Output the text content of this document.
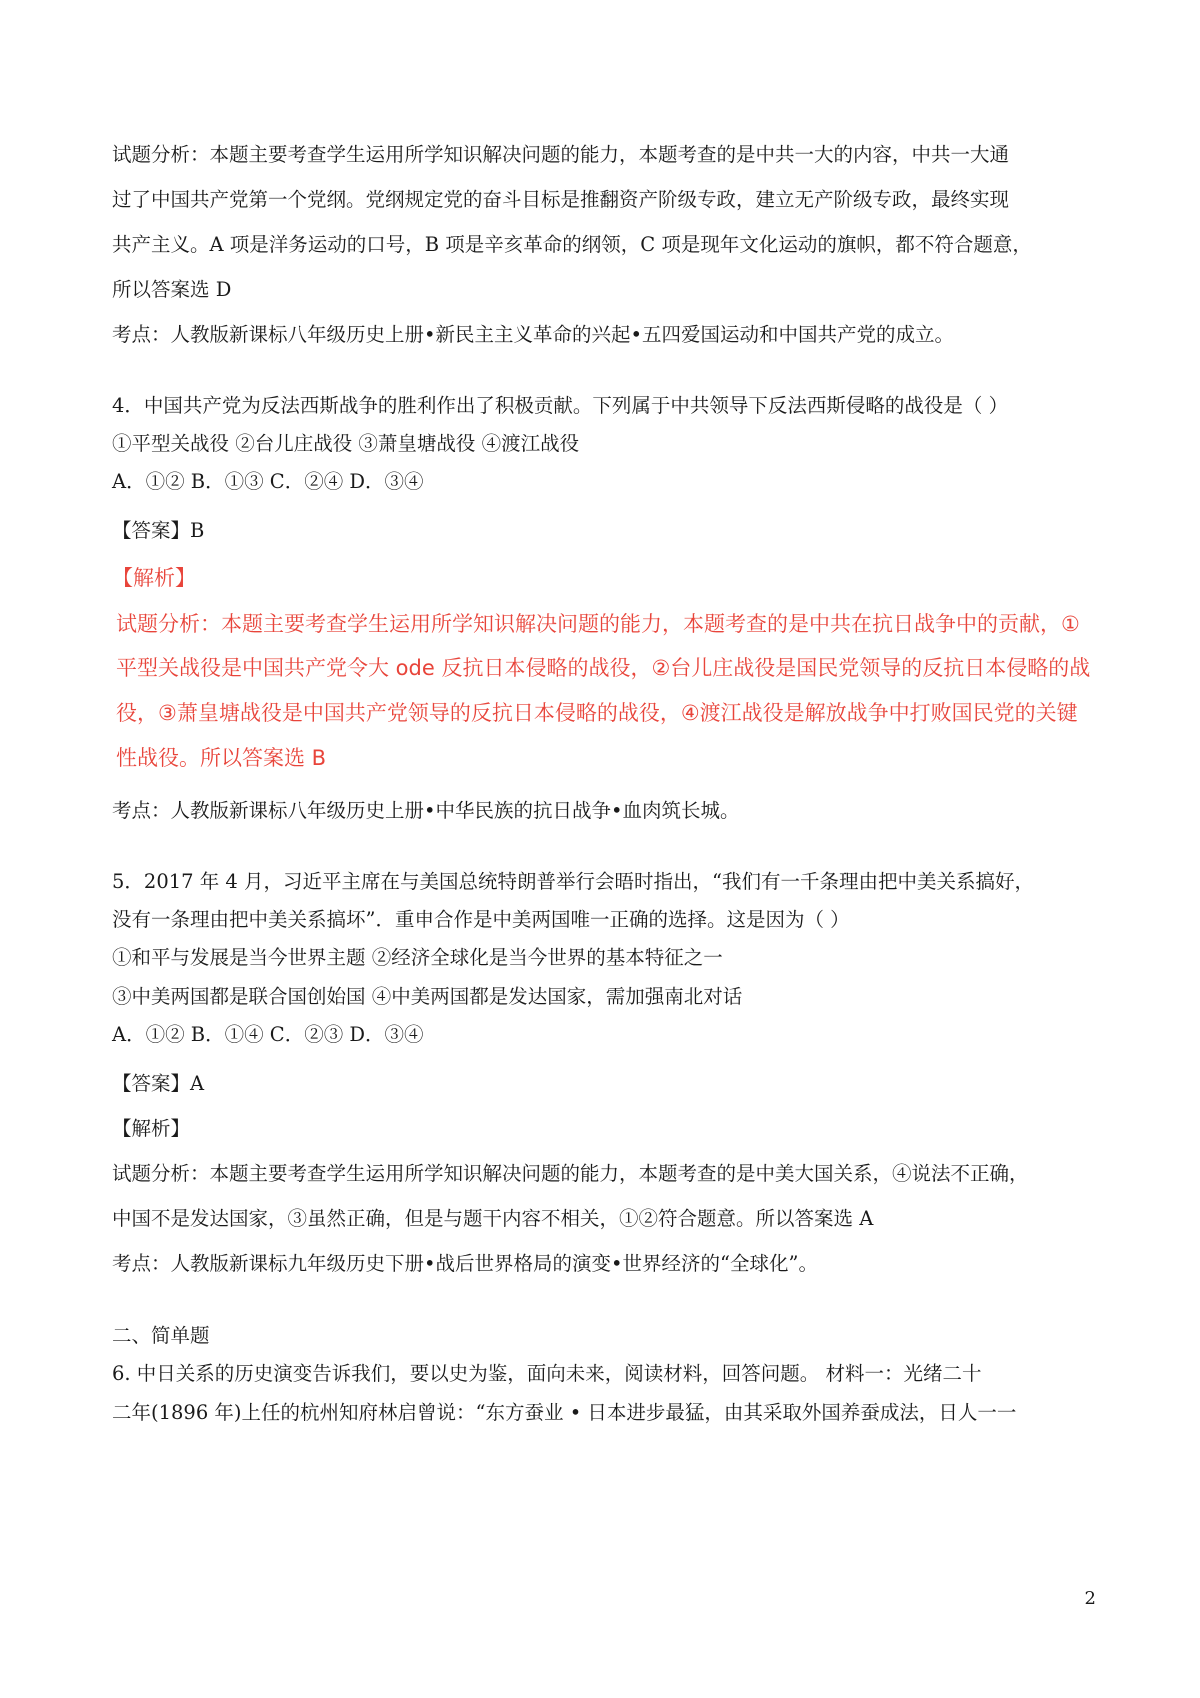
试题分析：本题主要考查学生运用所学知识解决问题的能力，本题考查的是中共一大的内容，中共一大通
过了中国共产党第一个党纲。党纲规定党的奋斗目标是推翻资产阶级专政，建立无产阶级专政，最终实现
共产主义。A 项是洋务运动的口号，B 项是辛亥革命的纲领，C 项是现年文化运动的旗帜，都不符合题意，
所以答案选 D
考点：人教版新课标八年级历史上册•新民主主义革命的兴起•五四爱国运动和中国共产党的成立。
4．中国共产党为反法西斯战争的胜利作出了积极贡献。下列属于中共领导下反法西斯侵略的战役是（ ）
①平型关战役 ②台儿庄战役 ③萧皇塘战役 ④渡江战役
A．①② B．①③ C．②④ D．③④
【答案】B
【解析】
试题分析：本题主要考查学生运用所学知识解决问题的能力，本题考查的是中共在抗日战争中的贡献，①
平型关战役是中国共产党令大 ode 反抗日本侵略的战役，②台儿庄战役是国民党领导的反抗日本侵略的战
役，③萧皇塘战役是中国共产党领导的反抗日本侵略的战役，④渡江战役是解放战争中打败国民党的关键
性战役。所以答案选 B
考点：人教版新课标八年级历史上册•中华民族的抗日战争•血肉筑长城。
5．2017 年 4 月，习近平主席在与美国总统特朗普举行会晤时指出，“我们有一千条理由把中美关系搞好，
没有一条理由把中美关系搞坏”．重申合作是中美两国唯一正确的选择。这是因为（ ）
①和平与发展是当今世界主题 ②经济全球化是当今世界的基本特征之一
③中美两国都是联合国创始国 ④中美两国都是发达国家，需加强南北对话
A．①② B．①④ C．②③ D．③④
【答案】A
【解析】
试题分析：本题主要考查学生运用所学知识解决问题的能力，本题考查的是中美大国关系，④说法不正确，
中国不是发达国家，③虽然正确，但是与题干内容不相关，①②符合题意。所以答案选 A
考点：人教版新课标九年级历史下册•战后世界格局的演变•世界经济的“全球化”。
二、简单题
6. 中日关系的历史演变告诉我们，要以史为鉴，面向未来，阅读材料，回答问题。 材料一：光绪二十
二年(1896 年)上任的杭州知府林启曾说：“东方蚕业 • 日本进步最猛，由其采取外国养蚕成法，日人一一
2
